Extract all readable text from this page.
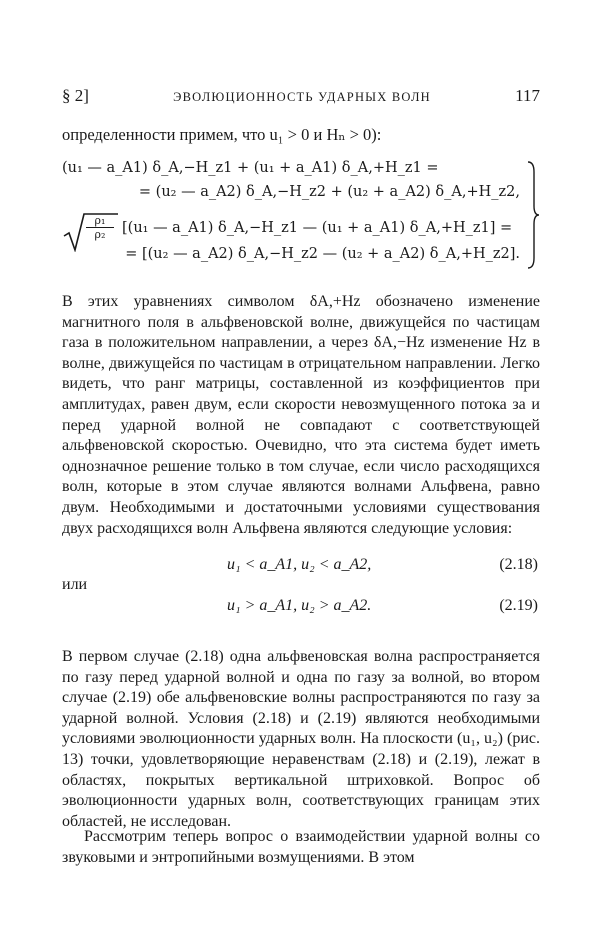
§ 2]	ЭВОЛЮЦИОННОСТЬ УДАРНЫХ ВОЛН	117
определенности примем, что u₁ > 0 и Hₙ > 0):
(u₁ — a_A1) δ_A,−H_z1 + (u₁ + a_A1) δ_A,+H_z1 =
= (u₂ — a_A2) δ_A,−H_z2 + (u₂ + a_A2) δ_A,+H_z2,
$\frac{\text{ρ₁}}{\text{ρ₂}} [(u_1$ — a_A1) δ_A,−H_z1 — (u₁ + a_A1) δ_A,+H_z1] =
= [(u₂ — a_A2) δ_A,−H_z2 — (u₂ + a_A2) δ_A,+H_z2].
В этих уравнениях символом δA,+Hz обозначено изменение магнитного поля в альфвеновской волне, движущейся по частицам газа в положительном направлении, а через δA,−Hz изменение Hz в волне, движущейся по частицам в отрицательном направлении. Легко видеть, что ранг матрицы, составленной из коэффициентов при амплитудах, равен двум, если скорости невозмущенного потока за и перед ударной волной не совпадают с соответствующей альфвеновской скоростью. Очевидно, что эта система будет иметь однозначное решение только в том случае, если число расходящихся волн, которые в этом случае являются волнами Альфвена, равно двум. Необходимыми и достаточными условиями существования двух расходящихся волн Альфвена являются следующие условия:
u₁ < a_A1, u₂ < a_A2,	(2.18)
или
u₁ > a_A1, u₂ > a_A2.	(2.19)
В первом случае (2.18) одна альфвеновская волна распространяется по газу перед ударной волной и одна по газу за волной, во втором случае (2.19) обе альфвеновские волны распространяются по газу за ударной волной. Условия (2.18) и (2.19) являются необходимыми условиями эволюционности ударных волн. На плоскости (u₁, u₂) (рис. 13) точки, удовлетворяющие неравенствам (2.18) и (2.19), лежат в областях, покрытых вертикальной штриховкой. Вопрос об эволюционности ударных волн, соответствующих границам этих областей, не исследован.
Рассмотрим теперь вопрос о взаимодействии ударной волны со звуковыми и энтропийными возмущениями. В этом
